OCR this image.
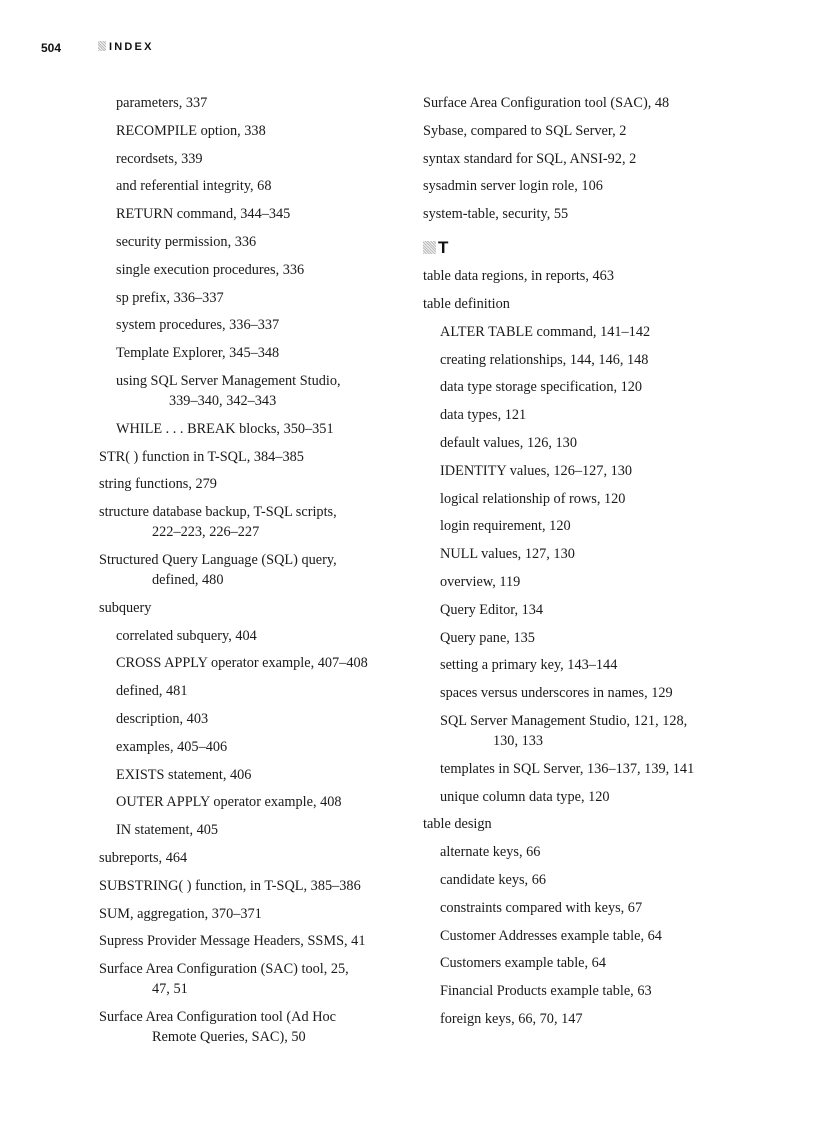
504	INDEX
parameters, 337
RECOMPILE option, 338
recordsets, 339
and referential integrity, 68
RETURN command, 344–345
security permission, 336
single execution procedures, 336
sp prefix, 336–337
system procedures, 336–337
Template Explorer, 345–348
using SQL Server Management Studio,
339–340, 342–343
WHILE . . . BREAK blocks, 350–351
STR( ) function in T-SQL, 384–385
string functions, 279
structure database backup, T-SQL scripts,
222–223, 226–227
Structured Query Language (SQL) query,
defined, 480
subquery
correlated subquery, 404
CROSS APPLY operator example, 407–408
defined, 481
description, 403
examples, 405–406
EXISTS statement, 406
OUTER APPLY operator example, 408
IN statement, 405
subreports, 464
SUBSTRING( ) function, in T-SQL, 385–386
SUM, aggregation, 370–371
Supress Provider Message Headers, SSMS, 41
Surface Area Configuration (SAC) tool, 25,
47, 51
Surface Area Configuration tool (Ad Hoc
Remote Queries, SAC), 50
Surface Area Configuration tool (SAC), 48
Sybase, compared to SQL Server, 2
syntax standard for SQL, ANSI-92, 2
sysadmin server login role, 106
system-table, security, 55
T
table data regions, in reports, 463
table definition
ALTER TABLE command, 141–142
creating relationships, 144, 146, 148
data type storage specification, 120
data types, 121
default values, 126, 130
IDENTITY values, 126–127, 130
logical relationship of rows, 120
login requirement, 120
NULL values, 127, 130
overview, 119
Query Editor, 134
Query pane, 135
setting a primary key, 143–144
spaces versus underscores in names, 129
SQL Server Management Studio, 121, 128,
130, 133
templates in SQL Server, 136–137, 139, 141
unique column data type, 120
table design
alternate keys, 66
candidate keys, 66
constraints compared with keys, 67
Customer Addresses example table, 64
Customers example table, 64
Financial Products example table, 63
foreign keys, 66, 70, 147
